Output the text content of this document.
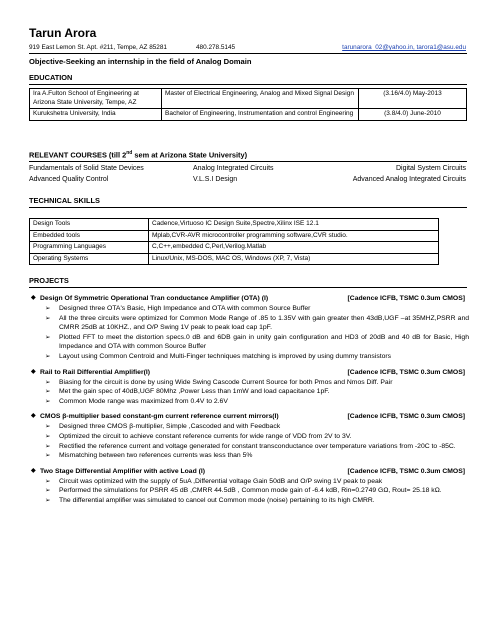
Tarun Arora
919 East Lemon St. Apt. #211, Tempe, AZ 85281	480.278.5145	tarunarora_02@yahoo.in, tarora1@asu.edu
Objective-Seeking an internship in the field of Analog Domain
EDUCATION
Ira A.Fulton School of Engineering at Arizona State University, Tempe, AZ	Master of Electrical Engineering, Analog and Mixed Signal Design	(3.16/4.0) May-2013
Kurukshetra University, India	Bachelor of Engineering, Instrumentation and control Engineering	(3.8/4.0) June-2010
RELEVANT COURSES (till 2nd sem at Arizona State University)
Fundamentals of Solid State Devices	Analog Integrated Circuits	Digital System Circuits
Advanced Quality Control	V.L.S.I Design	Advanced Analog Integrated Circuits
TECHNICAL SKILLS
Design Tools	Cadence,Virtuoso IC Design Suite,Spectre,Xilinx ISE 12.1
Embedded tools	Mplab,CVR-AVR microcontroller programming software,CVR studio.
Programming Languages	C,C++,embedded C,Perl,Verilog.Matlab
Operating Systems	Linux/Unix, MS-DOS, MAC OS, Windows (XP, 7, Vista)
PROJECTS
◆ Design Of Symmetric Operational Tran conductance Amplifier (OTA) (I)	[Cadence ICFB, TSMC 0.3um CMOS]
➢ Designed three OTA's Basic, High Impedance and OTA with common Source Buffer
➢ All the three circuits were optimized for Common Mode Range of .85 to 1.35V with gain greater then 43dB,UGF –at 35MHZ,PSRR and CMRR 25dB at 10KHZ., and O/P Swing 1V peak to peak load cap 1pF.
➢ Plotted FFT to meet the distortion specs.0 dB and 6DB gain in unity gain configuration and HD3 of 20dB and 40 dB for Basic, High Impedance and OTA with common Source Buffer
➢ Layout using Common Centroid and Multi-Finger techniques matching is improved by using dummy transistors
◆ Rail to Rail Differential Amplifier(I)	[Cadence ICFB, TSMC 0.3um CMOS]
➢ Biasing for the circuit is done by using Wide Swing Cascode Current Source for both Pmos and Nmos Diff. Pair
➢ Met the gain spec of 40dB,UGF 80Mhz ,Power Less than 1mW and load capacitance 1pF.
➢ Common Mode range was maximized from 0.4V to 2.6V
◆ CMOS β-multiplier based constant-gm current reference current mirrors(I)	[Cadence ICFB, TSMC 0.3um CMOS]
➢ Designed three CMOS β-multiplier, Simple ,Cascoded and with Feedback
➢ Optimized the circuit to achieve constant reference currents for wide range of VDD from 2V to 3V.
➢ Rectified the reference current and voltage generated for constant transconductance over temperature variations from -20C to -85C.
➢ Mismatching between two references currents was less than 5%
◆ Two Stage Differential Amplifier with active Load (I)	[Cadence ICFB, TSMC 0.3um CMOS]
➢ Circuit was optimized with the supply of 5uA ,Differential voltage Gain 50dB and O/P swing 1V peak to peak
➢ Performed the simulations for PSRR 45 dB ,CMRR 44.5dB , Common mode gain of -6.4 kdB, Rin=0.2749 GΩ, Rout= 25.18 kΩ.
➢ The differential amplifier was simulated to cancel out Common mode (noise) pertaining to its high CMRR.
